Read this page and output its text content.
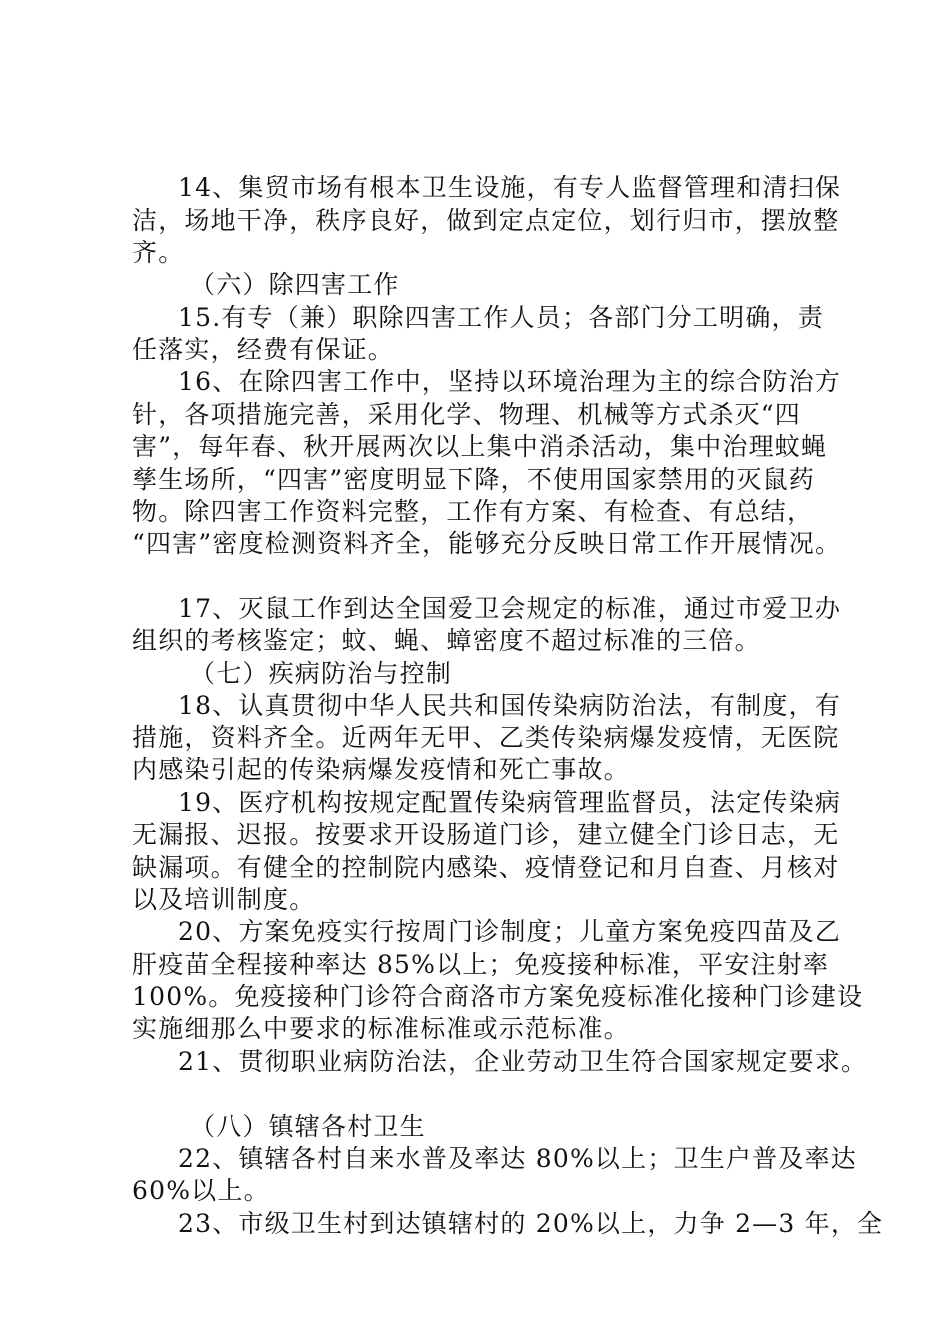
14、集贸市场有根本卫生设施，有专人监督管理和清扫保
洁，场地干净，秩序良好，做到定点定位，划行归市，摆放整
齐。
（六）除四害工作
15.有专（兼）职除四害工作人员；各部门分工明确，责
任落实，经费有保证。
16、在除四害工作中，坚持以环境治理为主的综合防治方
针，各项措施完善，采用化学、物理、机械等方式杀灭“四
害”，每年春、秋开展两次以上集中消杀活动，集中治理蚊蝇
孳生场所，“四害”密度明显下降，不使用国家禁用的灭鼠药
物。除四害工作资料完整，工作有方案、有检查、有总结，
“四害”密度检测资料齐全，能够充分反映日常工作开展情况。
17、灭鼠工作到达全国爱卫会规定的标准，通过市爱卫办
组织的考核鉴定；蚊、蝇、蟑密度不超过标准的三倍。
（七）疾病防治与控制
18、认真贯彻中华人民共和国传染病防治法，有制度，有
措施，资料齐全。近两年无甲、乙类传染病爆发疫情，无医院
内感染引起的传染病爆发疫情和死亡事故。
19、医疗机构按规定配置传染病管理监督员，法定传染病
无漏报、迟报。按要求开设肠道门诊，建立健全门诊日志，无
缺漏项。有健全的控制院内感染、疫情登记和月自查、月核对
以及培训制度。
20、方案免疫实行按周门诊制度；儿童方案免疫四苗及乙
肝疫苗全程接种率达 85%以上；免疫接种标准，平安注射率
100%。免疫接种门诊符合商洛市方案免疫标准化接种门诊建设
实施细那么中要求的标准标准或示范标准。
21、贯彻职业病防治法，企业劳动卫生符合国家规定要求。
（八）镇辖各村卫生
22、镇辖各村自来水普及率达 80%以上；卫生户普及率达
60%以上。
23、市级卫生村到达镇辖村的 20%以上，力争 2—3 年，全
